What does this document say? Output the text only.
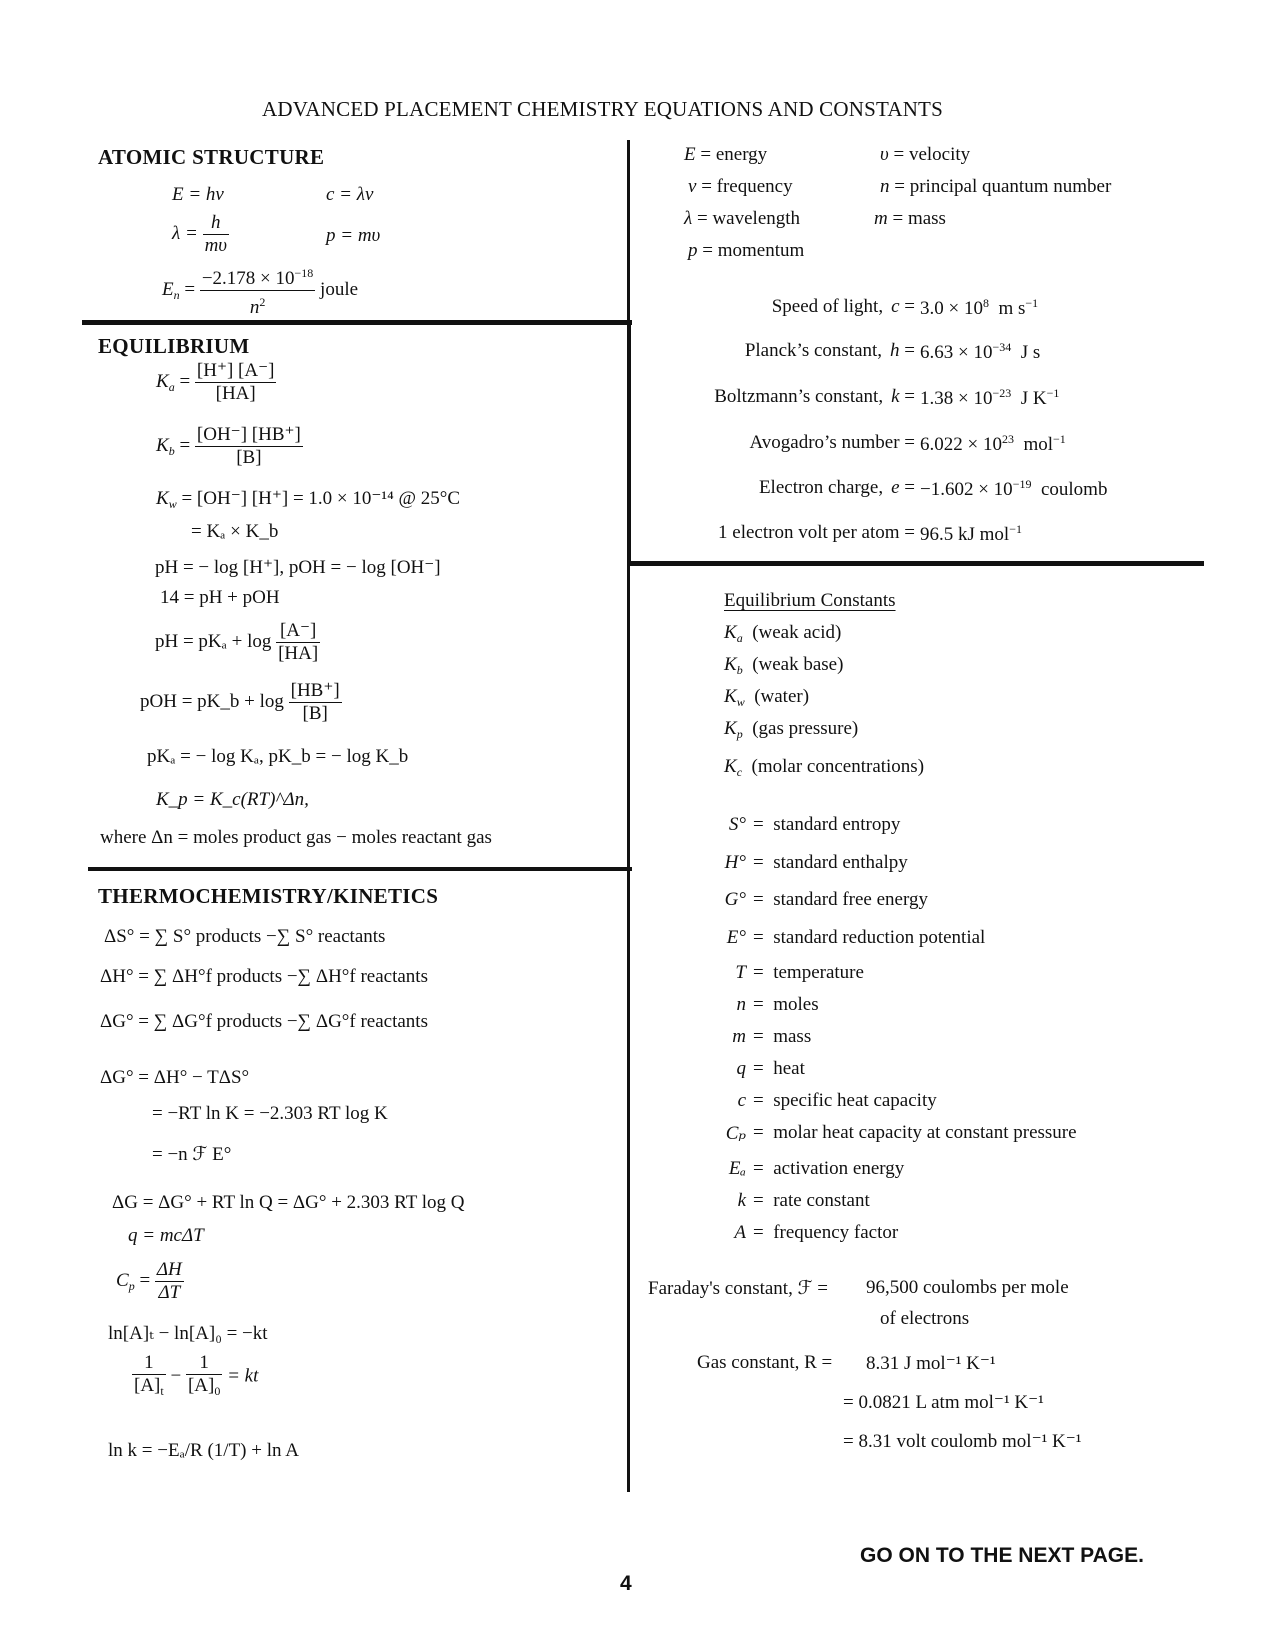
ADVANCED PLACEMENT CHEMISTRY EQUATIONS AND CONSTANTS
ATOMIC STRUCTURE
E = hν	c = λν
$\lambda = \frac{h}{m\upsilon}$	p = mυ
$E_n = \frac{-2.178 \times 10^{-18}}{n^2}$ joule
EQUILIBRIUM
$K_a = \frac{[H^+] [A^-]}{[HA]}$
$K_b = \frac{[OH^-] [HB^+]}{[B]}$
$K_w = [OH^-] [H^+] = 1.0 \times 10^{-14}$ @ 25°C
= Kₐ × K_b
pH = − log [H⁺], pOH = − log [OH⁻]
14 = pH + pOH
pH = $pK_a + \log \frac{[A^-]}{[HA]}$
pOH = pK_b + $\log \frac{[HB^+]}{[B]}$
pKₐ = − log Kₐ, pK_b = − log K_b
K_p = K_c(RT)^Δn,
where Δn = moles product gas − moles reactant gas
THERMOCHEMISTRY/KINETICS
ΔS° = ∑ S° products −∑ S° reactants
ΔH° = ∑ ΔH°f products −∑ ΔH°f reactants
ΔG° = ∑ ΔG°f products −∑ ΔG°f reactants
ΔG° = ΔH° − TΔS°
= −RT ln K = −2.303 RT log K
= −n ℱ E°
ΔG = ΔG° + RT ln Q = ΔG° + 2.303 RT log Q
q = mcΔT
$C_p = \frac{\Delta H}{\Delta T}$
ln[A]ₜ − ln[A]₀ = −kt
$\frac{1}{[A]_t} - \frac{1}{[A]_0}$ = kt
ln k = −Eₐ/R (1/T) + ln A
E = energy	υ = velocity
ν = frequency	n = principal quantum number
λ = wavelength	m = mass
p = momentum
Equilibrium Constants
Faraday's constant, ℱ = 96,500 coulombs per mole
of electrons
Gas constant, R = 8.31 J mol⁻¹ K⁻¹
= 0.0821 L atm mol⁻¹ K⁻¹
= 8.31 volt coulomb mol⁻¹ K⁻¹
GO ON TO THE NEXT PAGE.
4
Speed of light, $c = 3.0 \times 10^8$ m $s^{-1}$
Planck’s constant, $h = 6.63 \times 10^{-34}$ J s
Boltzmann’s constant, $k = 1.38 \times 10^{-23}$ J $K^{-1}$
Avogadro’s number = $6.022 \times 10^{23}$ mol$^{-1}$
Electron charge, $e = -1.602 \times 10^{-19}$ coulomb
1 electron volt per atom = 96.5 kJ mol$^{-1}$
$K_a$ (weak acid)
$K_b$ (weak base)
$K_w$ (water)
$K_p$ (gas pressure)
$K_c$ (molar concentrations)
S° =  standard entropy
H° =  standard enthalpy
G° =  standard free energy
E° =  standard reduction potential
T =  temperature
n =  moles
m =  mass
q =  heat
c =  specific heat capacity
Cₚ =  molar heat capacity at constant pressure
Eₐ =  activation energy
k =  rate constant
A =  frequency factor
